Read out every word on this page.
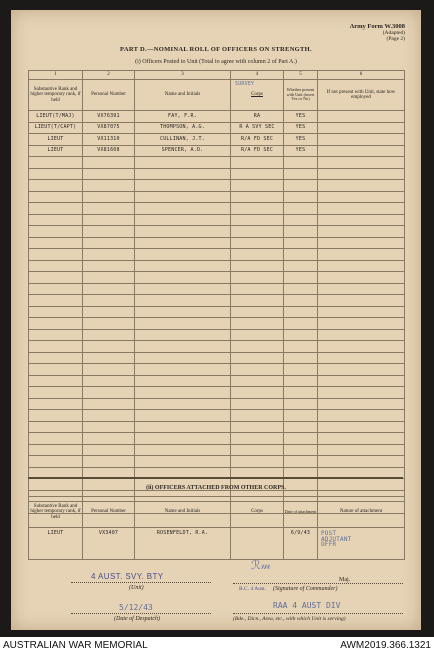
Army Form W.3008
(Adapted)
(Page 2)
PART D.—NOMINAL ROLL OF OFFICERS ON STRENGTH.
(i) Officers Posted to Unit (Total to agree with column 2 of Part A.)
1	2	3	4	5	6
Substantive Rank and higher temporary rank, if held	Personal Number	Name and Initials	SURVEY
Corps	Whether present with Unit (insert Yes or No)	If not present with Unit, state how employed
LIEUT(T/MAJ)	VX76391	FAY, F.R.	RA	YES	
LIEUT(T/CAPT)	VX87075	THOMPSON, A.G.	R A SVY SEC	YES	
LIEUT	VX11310	CULLINAN, J.T.	R/A FD SEC	YES	
LIEUT	VX81608	SPENCER, A.D.	R/A FD SEC	YES	

(ii) OFFICERS ATTACHED FROM OTHER CORPS.
Substantive Rank and higher temporary rank, if held	Personal Number	Name and Initials	Corps	Date of attachment	Nature of attachment
LIEUT	VX3407	ROSENFELDT, R.A.		6/9/43	POST
ADJUTANT
OFFR
4 AUST. SVY. BTY
(Unit)
ℛ𝓂
B.C. 4 Aust.
Maj.
(Signature of Commander)
5/12/43
(Date of Despatch)
RAA 4 AUST DIV
(Bde., Dicn., Area, etc., with which Unit is serving)
AUSTRALIAN WAR MEMORIAL	AWM2019.366.1321
